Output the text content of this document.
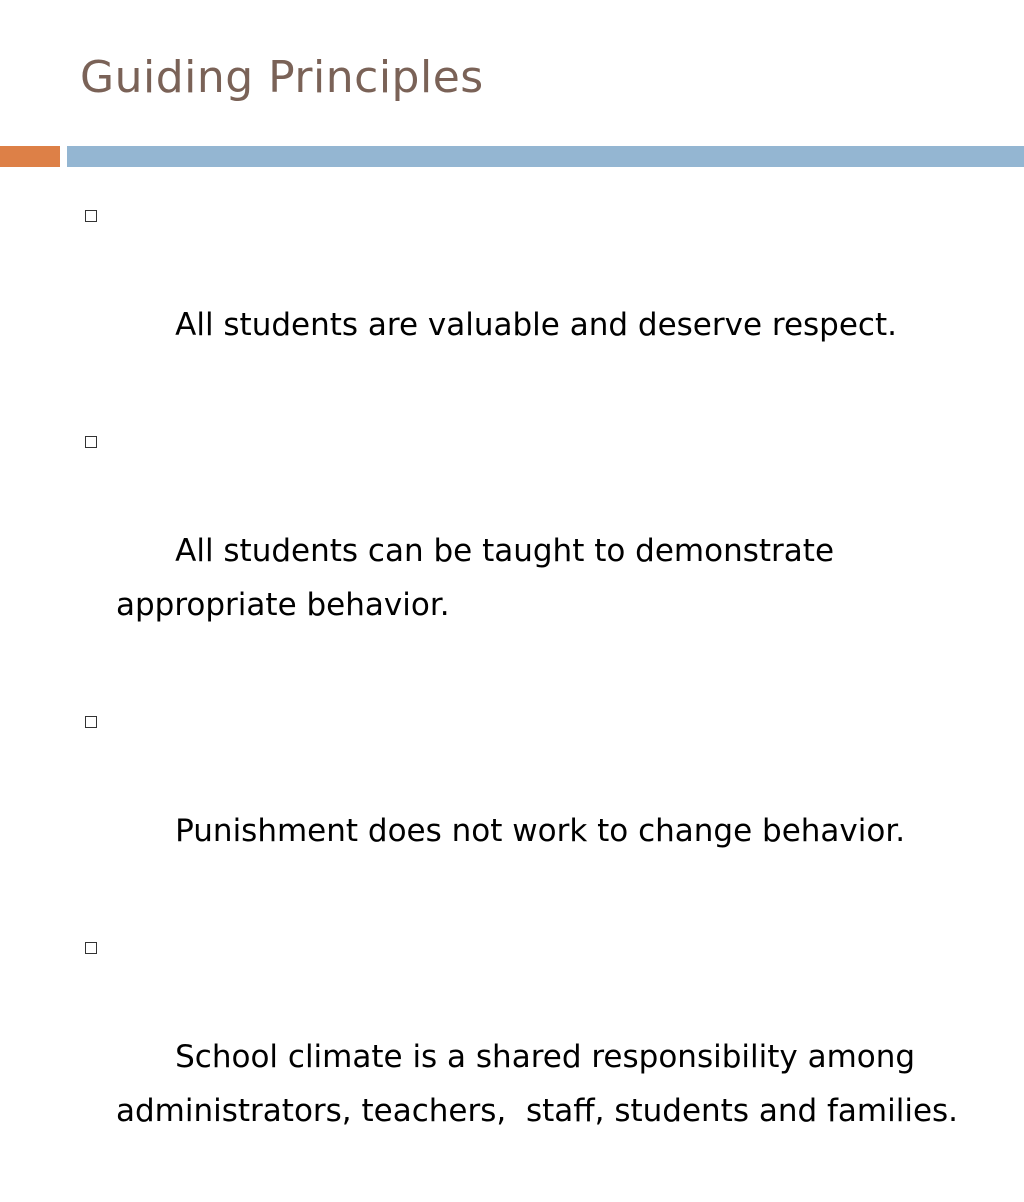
Guiding Principles

All students are valuable and deserve respect.

All students can be taught to demonstrate appropriate behavior.

Punishment does not work to change behavior.

School climate is a shared responsibility among administrators, teachers,  staff, students and families.
